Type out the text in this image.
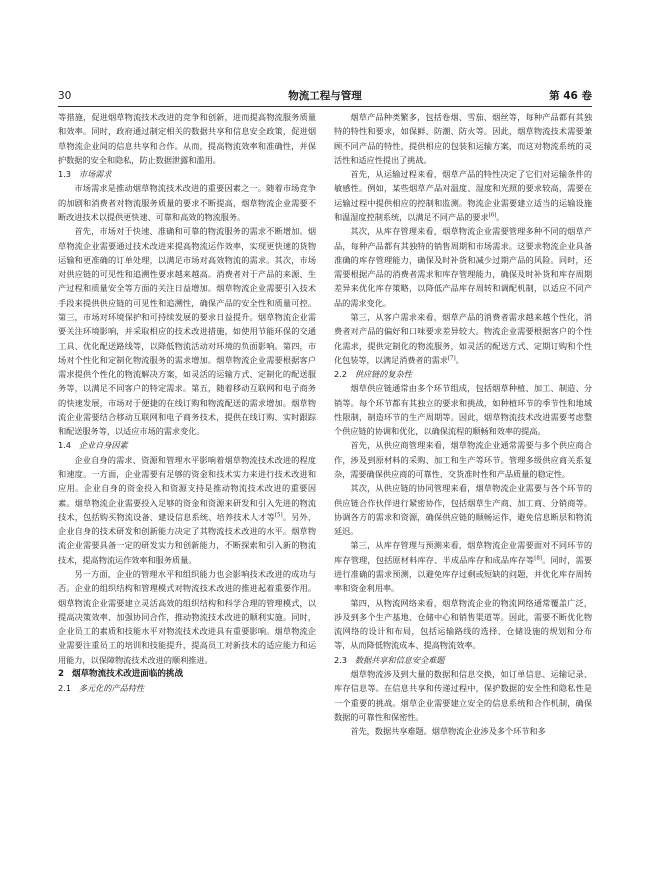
30	物流工程与管理	第 46 卷

等措施，促进烟草物流技术改进的竞争和创新，进而提高物流服务质量和效率。同时，政府通过制定相关的数据共享和信息安全政策，促进烟草物流企业间的信息共享和合作。从而，提高物流效率和准确性，并保护数据的安全和隐私，防止数据泄露和滥用。

1.3 市场需求

市场需求是推动烟草物流技术改进的重要因素之一。随着市场竞争的加剧和消费者对物流服务质量的要求不断提高，烟草物流企业需要不断改进技术以提供更快速、可靠和高效的物流服务。

首先，市场对于快速、准确和可靠的物流服务的需求不断增加。烟草物流企业需要通过技术改进来提高物流运作效率，实现更快速的货物运输和更准确的订单处理，以满足市场对高效物流的需求。其次，市场对供应链的可见性和追溯性要求越来越高。消费者对于产品的来源、生产过程和质量安全等方面的关注日益增加。烟草物流企业需要引入技术手段来提供供应链的可见性和追溯性，确保产品的安全性和质量可控。第三，市场对环境保护和可持续发展的要求日益提升。烟草物流企业需要关注环境影响，并采取相应的技术改进措施，如使用节能环保的交通工具、优化配送路线等，以降低物流活动对环境的负面影响。第四，市场对个性化和定制化物流服务的需求增加。烟草物流企业需要根据客户需求提供个性化的物流解决方案，如灵活的运输方式、定制化的配送服务等，以满足不同客户的特定需求。第五，随着移动互联网和电子商务的快速发展，市场对于便捷的在线订购和物流配送的需求增加。烟草物流企业需要结合移动互联网和电子商务技术，提供在线订购、实时跟踪和配送服务等，以适应市场的需求变化。

1.4 企业自身因素

企业自身的需求、资源和管理水平影响着烟草物流技术改进的程度和速度。一方面，企业需要有足够的资金和技术实力来进行技术改进和应用。企业自身的资金投入和资源支持是推动物流技术改进的重要因素。烟草物流企业需要投入足够的资金和资源来研发和引入先进的物流技术，包括购买物流设备、建设信息系统、培养技术人才等[5]。另外，企业自身的技术研发和创新能力决定了其物流技术改进的水平。烟草物流企业需要具备一定的研发实力和创新能力，不断探索和引入新的物流技术，提高物流运作效率和服务质量。

另一方面，企业的管理水平和组织能力也会影响技术改进的成功与否。企业的组织结构和管理模式对物流技术改进的推进起着重要作用。烟草物流企业需要建立灵活高效的组织结构和科学合理的管理模式，以提高决策效率、加强协同合作，推动物流技术改进的顺利实施。同时，企业员工的素质和技能水平对物流技术改进具有重要影响。烟草物流企业需要注重员工的培训和技能提升，提高员工对新技术的适应能力和运用能力，以保障物流技术改进的顺利推进。

2 烟草物流技术改进面临的挑战
2.1 多元化的产品特性

烟草产品种类繁多，包括卷烟、雪茄、烟丝等，每种产品都有其独特的特性和要求，如保鲜、防潮、防火等。因此，烟草物流技术需要兼顾不同产品的特性，提供相应的包装和运输方案，而这对物流系统的灵活性和适应性提出了挑战。

首先，从运输过程来看，烟草产品的特性决定了它们对运输条件的敏感性。例如，某些烟草产品对温度、湿度和光照的要求较高，需要在运输过程中提供相应的控制和监测。物流企业需要建立适当的运输设施和温湿度控制系统，以满足不同产品的要求[6]。

其次，从库存管理来看，烟草物流企业需要管理多种不同的烟草产品，每种产品都有其独特的销售周期和市场需求。这要求物流企业具备准确的库存管理能力，确保及时补货和减少过期产品的风险。同时，还需要根据产品的消费者需求和库存管理能力，确保及时补货和库存周期差异来优化库存策略，以降低产品库存周转和调配机制，以适应不同产品的需求变化。

第三，从客户需求来看，烟草产品的消费者需求越来越个性化，消费者对产品的偏好和口味要求差异较大。物流企业需要根据客户的个性化需求，提供定制化的物流服务，如灵活的配送方式、定期订购和个性化包装等，以满足消费者的需求[7]。

2.2 供应链的复杂性

烟草供应链通常由多个环节组成，包括烟草种植、加工、制造、分销等。每个环节都有其独立的要求和挑战，如种植环节的季节性和地域性限制，制造环节的生产周期等。因此，烟草物流技术改进需要考虑整个供应链的协调和优化，以确保流程的顺畅和效率的提高。

首先，从供应商管理来看，烟草物流企业通常需要与多个供应商合作，涉及到原材料的采购、加工和生产等环节。管理多级供应商关系复杂，需要确保供应商的可靠性、交货准时性和产品质量的稳定性。

其次，从供应链的协同管理来看，烟草物流企业需要与各个环节的供应链合作伙伴进行紧密协作，包括烟草生产商、加工商、分销商等。协调各方的需求和资源，确保供应链的顺畅运作，避免信息断层和物流延迟。

第三，从库存管理与预测来看，烟草物流企业需要面对不同环节的库存管理，包括原材料库存、半成品库存和成品库存等[8]。同时，需要进行准确的需求预测，以避免库存过剩或短缺的问题，并优化库存周转率和资金利用率。

第四，从物流网络来看，烟草物流企业的物流网络通常覆盖广泛，涉及到多个生产基地、仓储中心和销售渠道等。因此，需要不断优化物流网络的设计和布局，包括运输路线的选择、仓储设施的规划和分布等，从而降低物流成本、提高物流效率。

2.3 数据共享和信息安全难题

烟草物流涉及到大量的数据和信息交换，如订单信息、运输记录、库存信息等。在信息共享和传递过程中，保护数据的安全性和隐私性是一个重要的挑战。烟草企业需要建立安全的信息系统和合作机制，确保数据的可靠性和保密性。

首先，数据共享难题。烟草物流企业涉及多个环节和多
